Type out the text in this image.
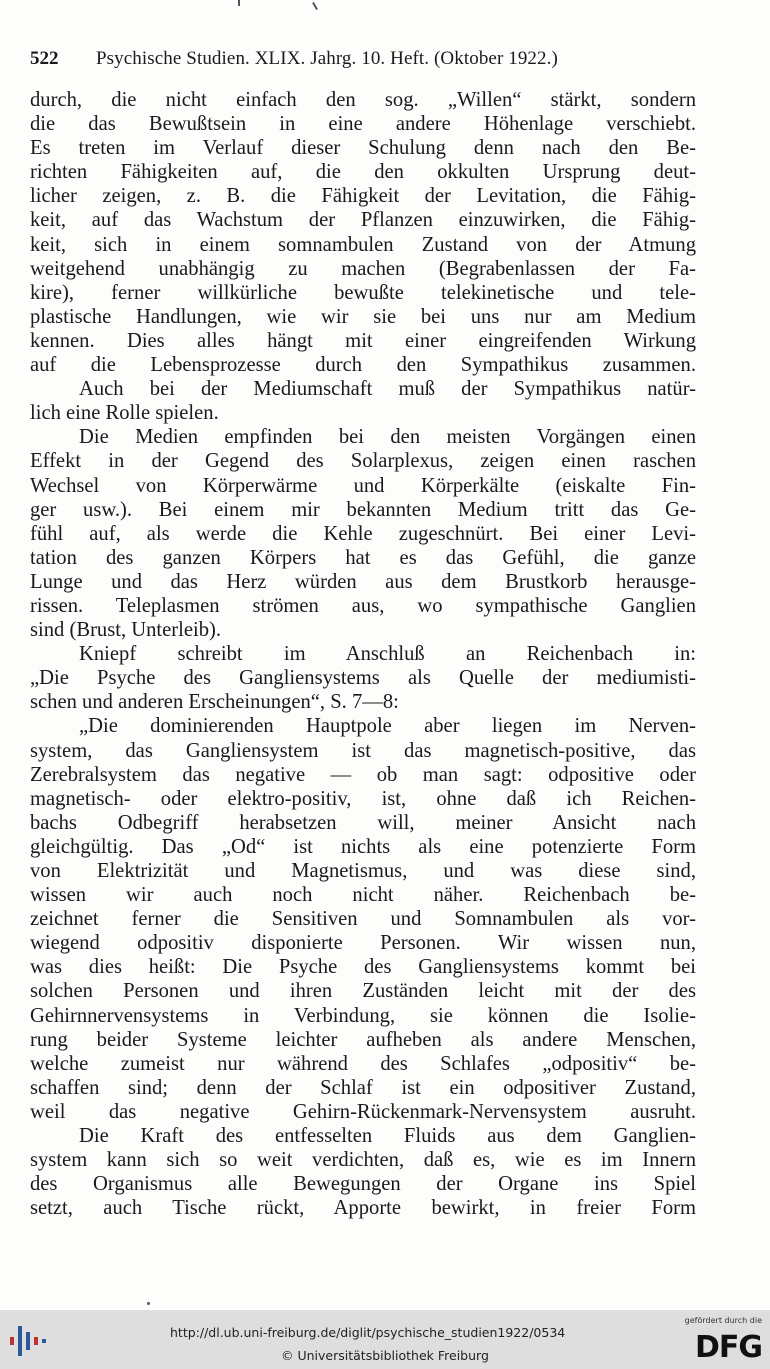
522 Psychische Studien. XLIX. Jahrg. 10. Heft. (Oktober 1922.)
durch, die nicht einfach den sog. „Willen“ stärkt, sondern
die das Bewußtsein in eine andere Höhenlage verschiebt.
Es treten im Verlauf dieser Schulung denn nach den Be-
richten Fähigkeiten auf, die den okkulten Ursprung deut-
licher zeigen, z. B. die Fähigkeit der Levitation, die Fähig-
keit, auf das Wachstum der Pflanzen einzuwirken, die Fähig-
keit, sich in einem somnambulen Zustand von der Atmung
weitgehend unabhängig zu machen (Begrabenlassen der Fa-
kire), ferner willkürliche bewußte telekinetische und tele-
plastische Handlungen, wie wir sie bei uns nur am Medium
kennen. Dies alles hängt mit einer eingreifenden Wirkung
auf die Lebensprozesse durch den Sympathikus zusammen.
Auch bei der Mediumschaft muß der Sympathikus natür-
lich eine Rolle spielen.
Die Medien empfinden bei den meisten Vorgängen einen
Effekt in der Gegend des Solarplexus, zeigen einen raschen
Wechsel von Körperwärme und Körperkälte (eiskalte Fin-
ger usw.). Bei einem mir bekannten Medium tritt das Ge-
fühl auf, als werde die Kehle zugeschnürt. Bei einer Levi-
tation des ganzen Körpers hat es das Gefühl, die ganze
Lunge und das Herz würden aus dem Brustkorb herausge-
rissen. Teleplasmen strömen aus, wo sympathische Ganglien
sind (Brust, Unterleib).
Kniepf schreibt im Anschluß an Reichenbach in:
„Die Psyche des Gangliensystems als Quelle der mediumisti-
schen und anderen Erscheinungen“, S. 7—8:
„Die dominierenden Hauptpole aber liegen im Nerven-
system, das Gangliensystem ist das magnetisch-positive, das
Zerebralsystem das negative — ob man sagt: odpositive oder
magnetisch- oder elektro-positiv, ist, ohne daß ich Reichen-
bachs Odbegriff herabsetzen will, meiner Ansicht nach
gleichgültig. Das „Od“ ist nichts als eine potenzierte Form
von Elektrizität und Magnetismus, und was diese sind,
wissen wir auch noch nicht näher. Reichenbach be-
zeichnet ferner die Sensitiven und Somnambulen als vor-
wiegend odpositiv disponierte Personen. Wir wissen nun,
was dies heißt: Die Psyche des Gangliensystems kommt bei
solchen Personen und ihren Zuständen leicht mit der des
Gehirnnervensystems in Verbindung, sie können die Isolie-
rung beider Systeme leichter aufheben als andere Menschen,
welche zumeist nur während des Schlafes „odpositiv“ be-
schaffen sind; denn der Schlaf ist ein odpositiver Zustand,
weil das negative Gehirn-Rückenmark-Nervensystem ausruht.
Die Kraft des entfesselten Fluids aus dem Ganglien-
system kann sich so weit verdichten, daß es, wie es im Innern
des Organismus alle Bewegungen der Organe ins Spiel
setzt, auch Tische rückt, Apporte bewirkt, in freier Form
http://dl.ub.uni-freiburg.de/diglit/psychische_studien1922/0534
© Universitätsbibliothek Freiburg
gefördert durch die
DFG
